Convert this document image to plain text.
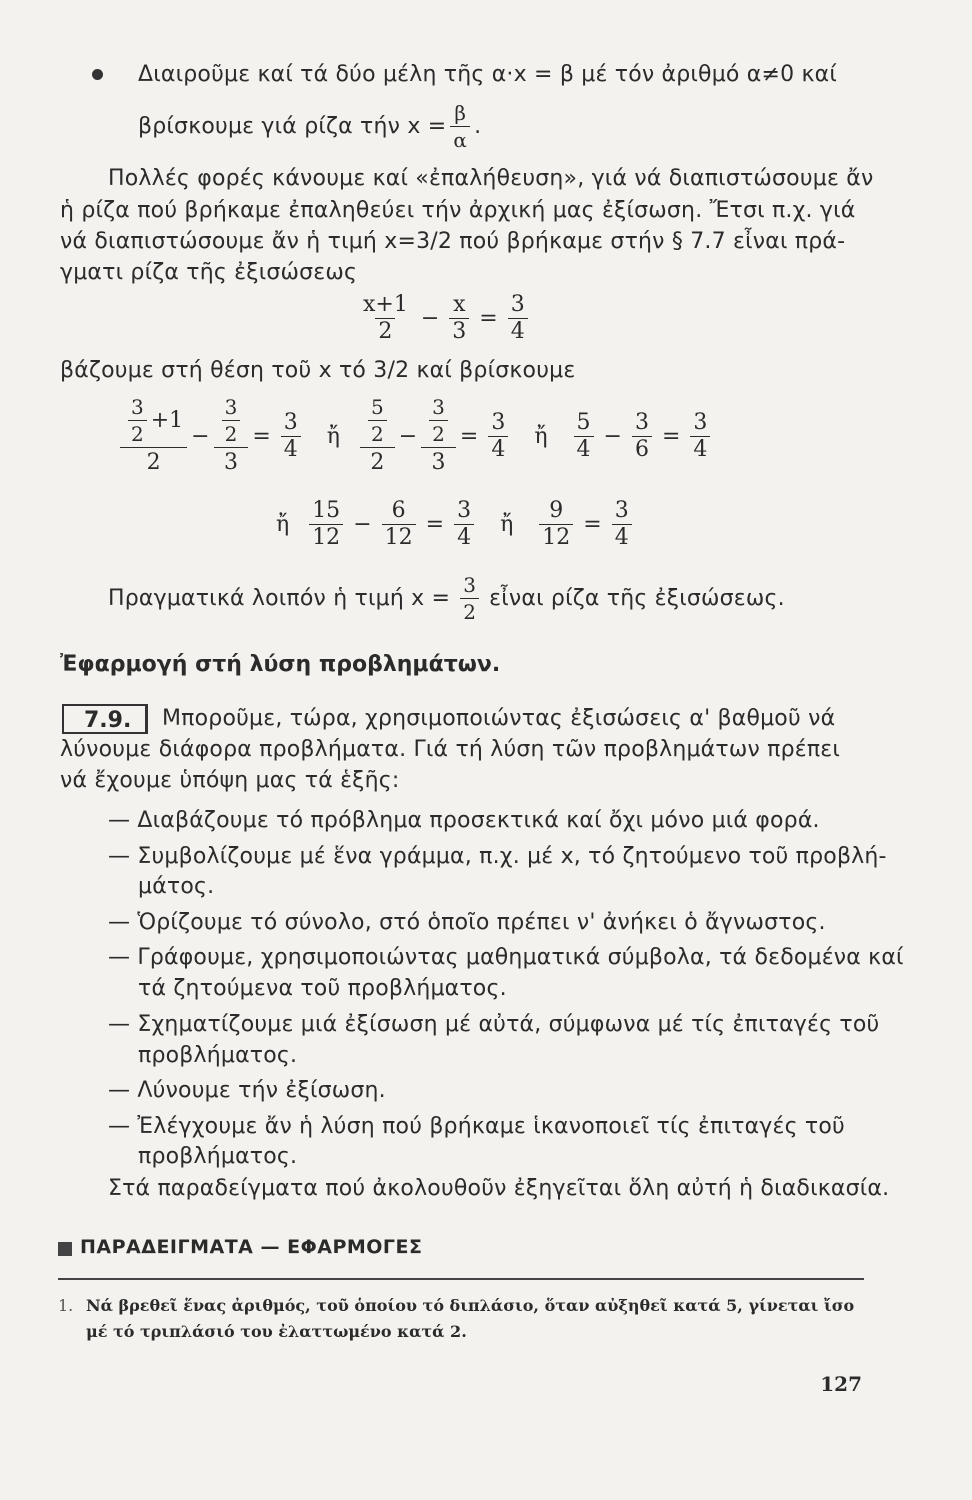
Διαιροῦμε καί τά δύο μέλη τῆς α·x = β μέ τόν ἀριθμό α≠0 καί
βρίσκουμε γιά ρίζα τήν $x = \frac{\beta}{\alpha}$ .
Πολλές φορές κάνουμε καί «ἐπαλήθευση», γιά νά διαπιστώσουμε ἄν
ἡ ρίζα πού βρήκαμε ἐπαληθεύει τήν ἀρχική μας ἐξίσωση. Ἔτσι π.χ. γιά
νά διαπιστώσουμε ἄν ἡ τιμή x=3/2 πού βρήκαμε στήν § 7.7 εἶναι πρά-
γματι ρίζα τῆς ἐξισώσεως
$\frac{x+1}{2} - \frac{x}{3} = \frac{3}{4}$
βάζουμε στή θέση τοῦ x τό 3/2 καί βρίσκουμε
$\frac{3}{2} +1$
2
− $\frac{\frac{3}{2}}{3} = \frac{3}{4}$ ἤ $\frac{5}{2}$
2
− $\frac{\frac{3}{2}}{3} = \frac{3}{4}$ ἤ $\frac{5}{4} - \frac{3}{6} = \frac{3}{4}$
ἤ $\frac{15}{12} - \frac{6}{12} = \frac{3}{4}$ ἤ $\frac{9}{12} = \frac{3}{4}$
Πραγματικά λοιπόν ἡ τιμή $x = \frac{3}{2}$ εἶναι ρίζα τῆς ἐξισώσεως.
Ἐφαρμογή στή λύση προβλημάτων.
7.9.	Μποροῦμε, τώρα, χρησιμοποιώντας ἐξισώσεις α' βαθμοῦ νά
λύνουμε διάφορα προβλήματα. Γιά τή λύση τῶν προβλημάτων πρέπει
νά ἔχουμε ὑπόψη μας τά ἑξῆς:
— Διαβάζουμε τό πρόβλημα προσεκτικά καί ὄχι μόνο μιά φορά.
— Συμβολίζουμε μέ ἕνα γράμμα, π.χ. μέ x, τό ζητούμενο τοῦ προβλή-
μάτος.
— Ὁρίζουμε τό σύνολο, στό ὁποῖο πρέπει ν' ἀνήκει ὁ ἄγνωστος.
— Γράφουμε, χρησιμοποιώντας μαθηματικά σύμβολα, τά δεδομένα καί
τά ζητούμενα τοῦ προβλήματος.
— Σχηματίζουμε μιά ἐξίσωση μέ αὐτά, σύμφωνα μέ τίς ἐπιταγές τοῦ
προβλήματος.
— Λύνουμε τήν ἐξίσωση.
— Ἐλέγχουμε ἄν ἡ λύση πού βρήκαμε ἱκανοποιεῖ τίς ἐπιταγές τοῦ
προβλήματος.
Στά παραδείγματα πού ἀκολουθοῦν ἐξηγεῖται ὅλη αὐτή ἡ διαδικασία.
ΠΑΡΑΔΕΙΓΜΑΤΑ — ΕΦΑΡΜΟΓΕΣ
1. Νά βρεθεῖ ἕνας ἀριθμός, τοῦ ὁποίου τό διπλάσιο, ὅταν αὐξηθεῖ κατά 5, γίνεται ἴσο
μέ τό τριπλάσιό του ἐλαττωμένο κατά 2.
127
